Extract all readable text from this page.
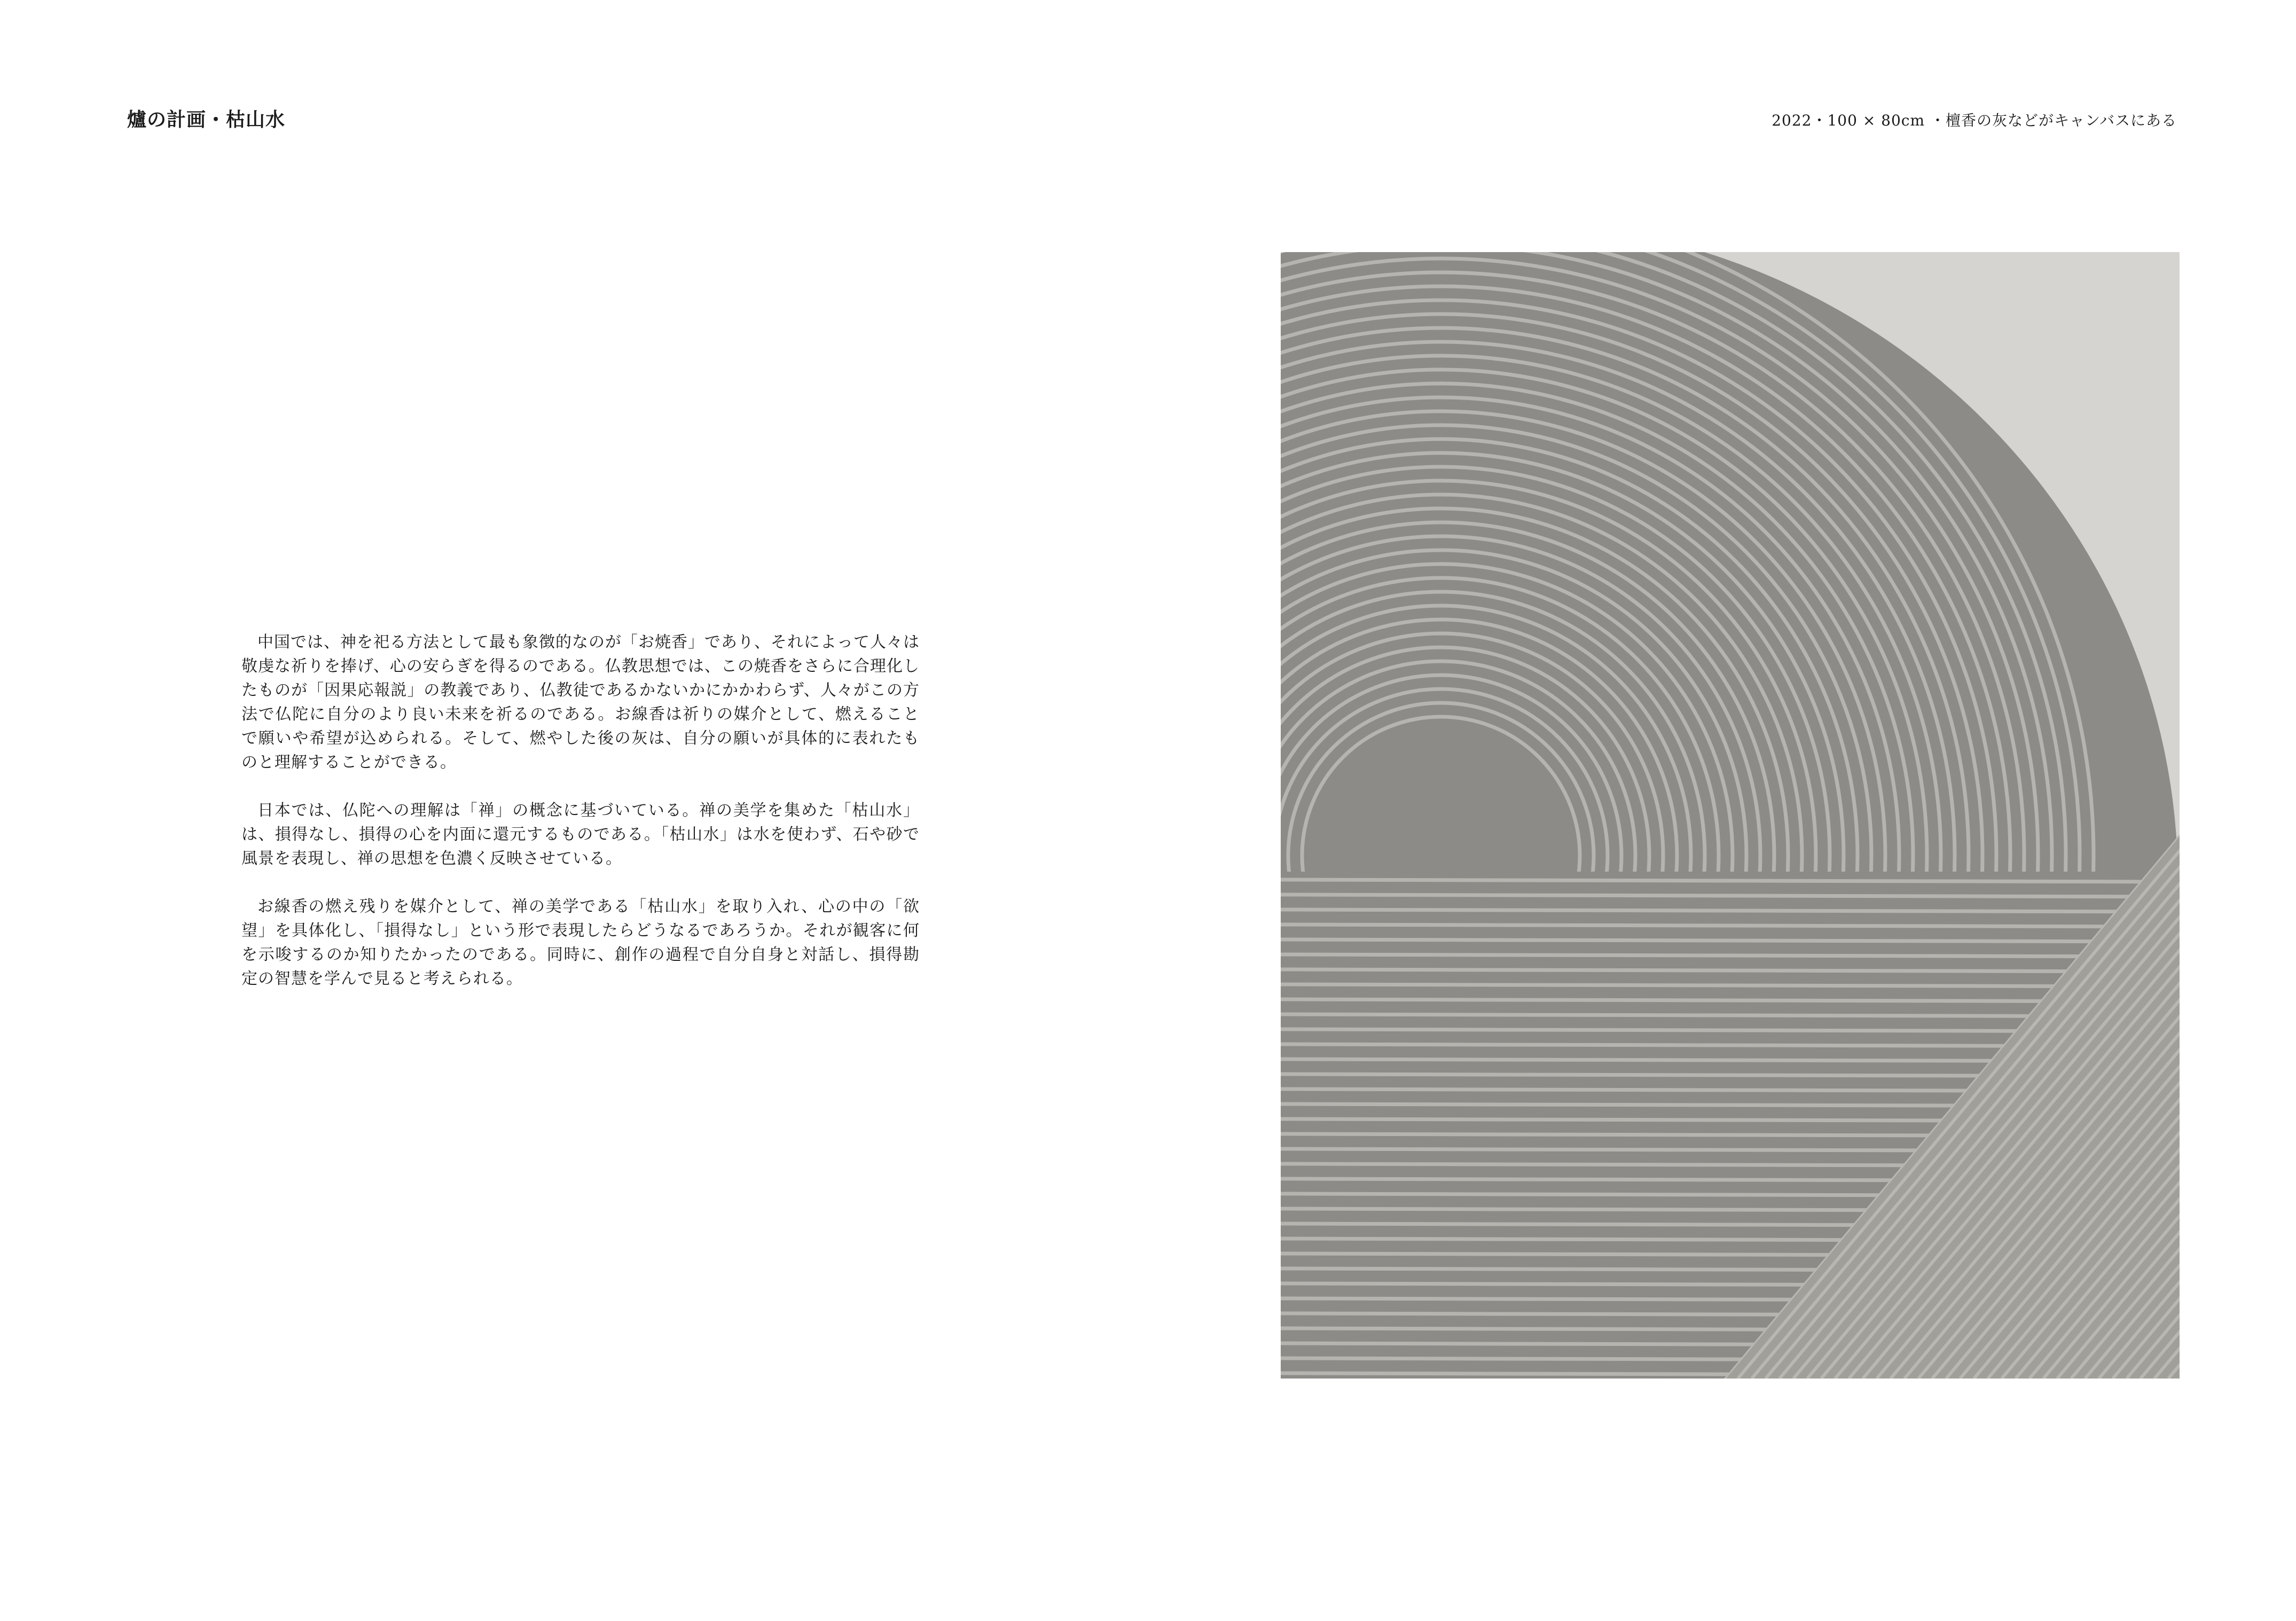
爐の計画・枯山水	2022・100 × 80cm ・檀香の灰などがキャンバスにある

中国では、神を祀る方法として最も象徴的なのが「お焼香」であり、それによって人々は敬虔な祈りを捧げ、心の安らぎを得るのである。仏教思想では、この焼香をさらに合理化したものが「因果応報説」の教義であり、仏教徒であるかないかにかかわらず、人々がこの方法で仏陀に自分のより良い未来を祈るのである。お線香は祈りの媒介として、燃えることで願いや希望が込められる。そして、燃やした後の灰は、自分の願いが具体的に表れたものと理解することができる。

日本では、仏陀への理解は「禅」の概念に基づいている。禅の美学を集めた「枯山水」は、損得なし、損得の心を内面に還元するものである。「枯山水」は水を使わず、石や砂で風景を表現し、禅の思想を色濃く反映させている。

お線香の燃え残りを媒介として、禅の美学である「枯山水」を取り入れ、心の中の「欲望」を具体化し、「損得なし」という形で表現したらどうなるであろうか。それが観客に何を示唆するのか知りたかったのである。同時に、創作の過程で自分自身と対話し、損得勘定の智慧を学んで見ると考えられる。
